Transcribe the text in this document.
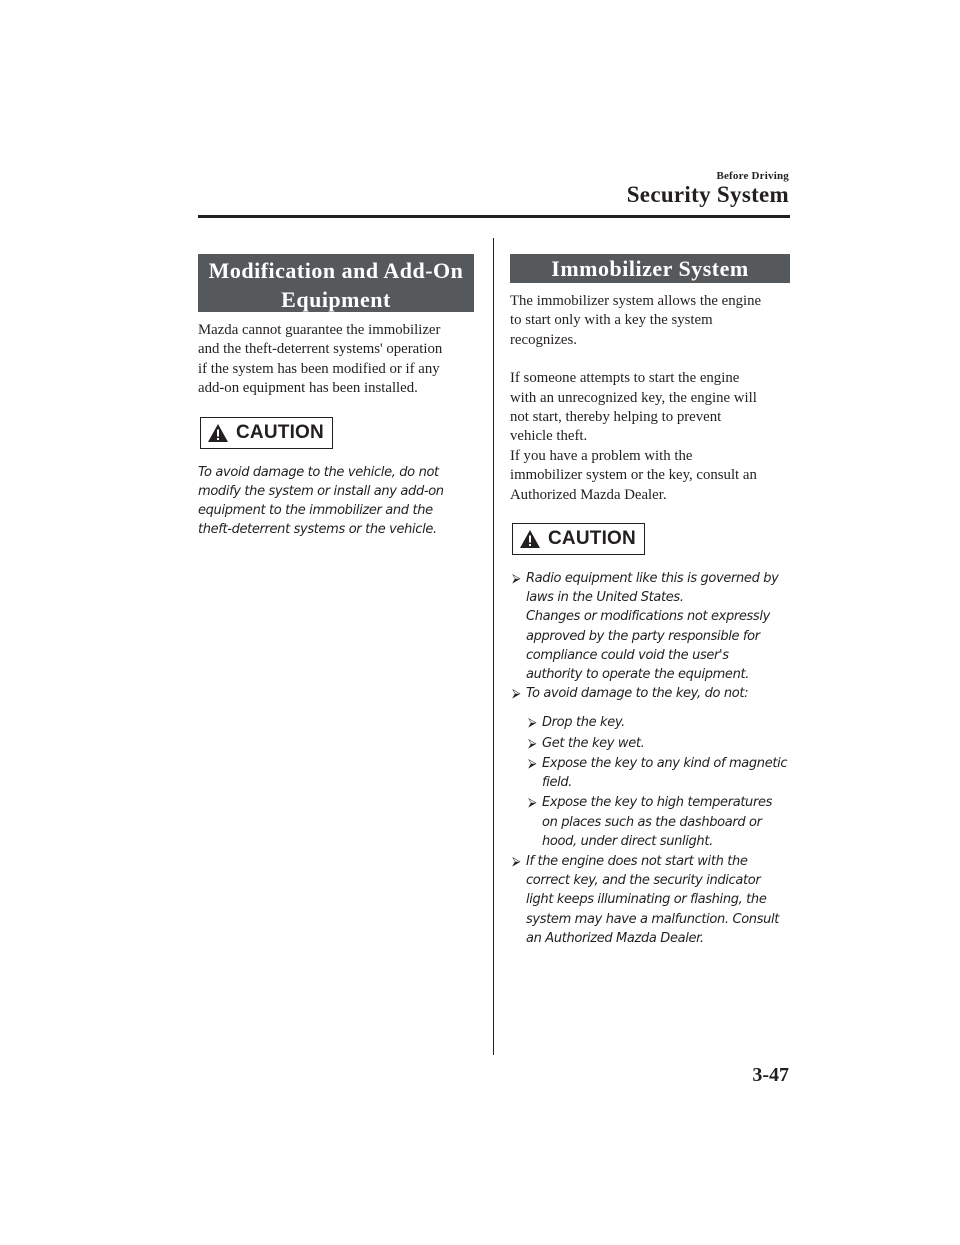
Before Driving
Security System
Modification and Add-On
Equipment
Mazda cannot guarantee the immobilizer
and the theft-deterrent systems' operation
if the system has been modified or if any
add-on equipment has been installed.
CAUTION
To avoid damage to the vehicle, do not
modify the system or install any add-on
equipment to the immobilizer and the
theft-deterrent systems or the vehicle.
Immobilizer System
The immobilizer system allows the engine
to start only with a key the system
recognizes.
If someone attempts to start the engine
with an unrecognized key, the engine will
not start, thereby helping to prevent
vehicle theft.
If you have a problem with the
immobilizer system or the key, consult an
Authorized Mazda Dealer.
CAUTION
⮚ Radio equipment like this is governed by
laws in the United States.
Changes or modifications not expressly
approved by the party responsible for
compliance could void the user's
authority to operate the equipment.
⮚ To avoid damage to the key, do not:
⮚ Drop the key.
⮚ Get the key wet.
⮚ Expose the key to any kind of magnetic
field.
⮚ Expose the key to high temperatures
on places such as the dashboard or
hood, under direct sunlight.
⮚ If the engine does not start with the
correct key, and the security indicator
light keeps illuminating or flashing, the
system may have a malfunction. Consult
an Authorized Mazda Dealer.
3-47
